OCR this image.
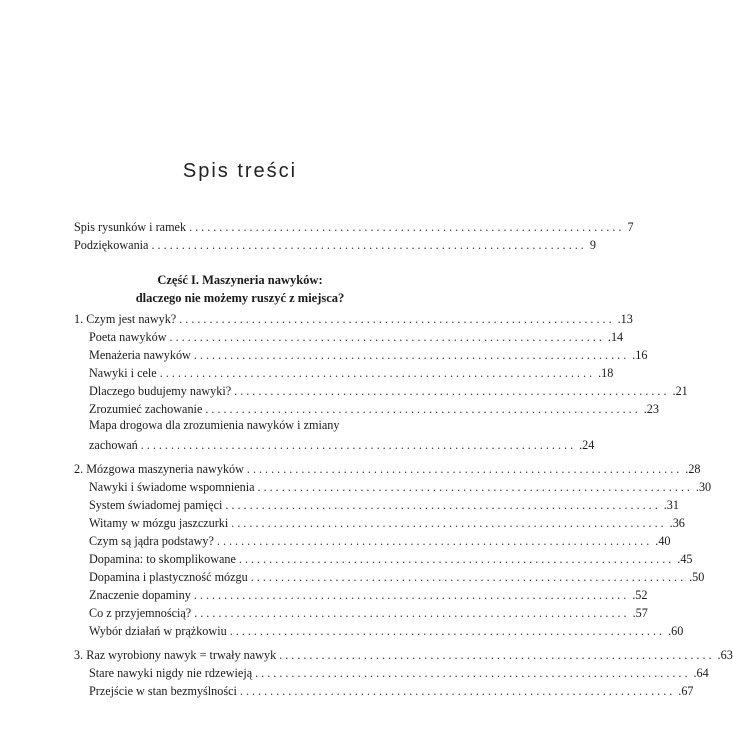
Spis treści
Spis rysunków i ramek ........................................................................ 7
Podziękowania ........................................................................ 9
Część I. Maszyneria nawyków:
dlaczego nie możemy ruszyć z miejsca?
1. Czym jest nawyk? ........................................................................ .13
Poeta nawyków ........................................................................ .14
Menażeria nawyków ........................................................................ .16
Nawyki i cele ........................................................................ .18
Dlaczego budujemy nawyki? ........................................................................ .21
Zrozumieć zachowanie ........................................................................ .23
Mapa drogowa dla zrozumienia nawyków i zmiany
zachowań ........................................................................ .24
2. Mózgowa maszyneria nawyków ........................................................................ .28
Nawyki i świadome wspomnienia ........................................................................ .30
System świadomej pamięci ........................................................................ .31
Witamy w mózgu jaszczurki ........................................................................ .36
Czym są jądra podstawy? ........................................................................ .40
Dopamina: to skomplikowane ........................................................................ .45
Dopamina i plastyczność mózgu ........................................................................ .50
Znaczenie dopaminy ........................................................................ .52
Co z przyjemnością? ........................................................................ .57
Wybór działań w prążkowiu ........................................................................ .60
3. Raz wyrobiony nawyk = trwały nawyk ........................................................................ .63
Stare nawyki nigdy nie rdzewieją ........................................................................ .64
Przejście w stan bezmyślności ........................................................................ .67
